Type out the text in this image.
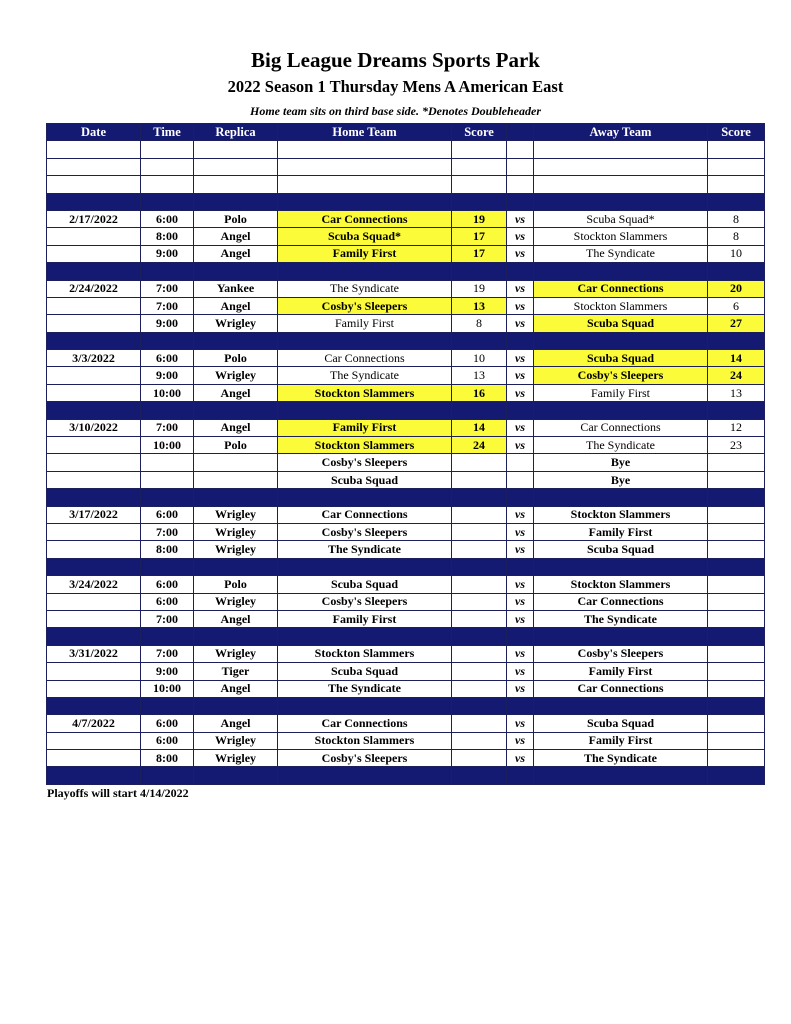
Big League Dreams Sports Park
2022 Season 1 Thursday Mens A American East
Home team sits on third base side. *Denotes Doubleheader
Date	Time	Replica	Home Team	Score		Away Team	Score

2/17/2022	6:00	Polo	Car Connections	19	vs	Scuba Squad*	8
	8:00	Angel	Scuba Squad*	17	vs	Stockton Slammers	8
	9:00	Angel	Family First	17	vs	The Syndicate	10

2/24/2022	7:00	Yankee	The Syndicate	19	vs	Car Connections	20
	7:00	Angel	Cosby's Sleepers	13	vs	Stockton Slammers	6
	9:00	Wrigley	Family First	8	vs	Scuba Squad	27

3/3/2022	6:00	Polo	Car Connections	10	vs	Scuba Squad	14
	9:00	Wrigley	The Syndicate	13	vs	Cosby's Sleepers	24
	10:00	Angel	Stockton Slammers	16	vs	Family First	13

3/10/2022	7:00	Angel	Family First	14	vs	Car Connections	12
	10:00	Polo	Stockton Slammers	24	vs	The Syndicate	23
			Cosby's Sleepers			Bye	
			Scuba Squad			Bye	

3/17/2022	6:00	Wrigley	Car Connections		vs	Stockton Slammers	
	7:00	Wrigley	Cosby's Sleepers		vs	Family First	
	8:00	Wrigley	The Syndicate		vs	Scuba Squad	

3/24/2022	6:00	Polo	Scuba Squad		vs	Stockton Slammers	
	6:00	Wrigley	Cosby's Sleepers		vs	Car Connections	
	7:00	Angel	Family First		vs	The Syndicate	

3/31/2022	7:00	Wrigley	Stockton Slammers		vs	Cosby's Sleepers	
	9:00	Tiger	Scuba Squad		vs	Family First	
	10:00	Angel	The Syndicate		vs	Car Connections	

4/7/2022	6:00	Angel	Car Connections		vs	Scuba Squad	
	6:00	Wrigley	Stockton Slammers		vs	Family First	
	8:00	Wrigley	Cosby's Sleepers		vs	The Syndicate	

Playoffs will start 4/14/2022
